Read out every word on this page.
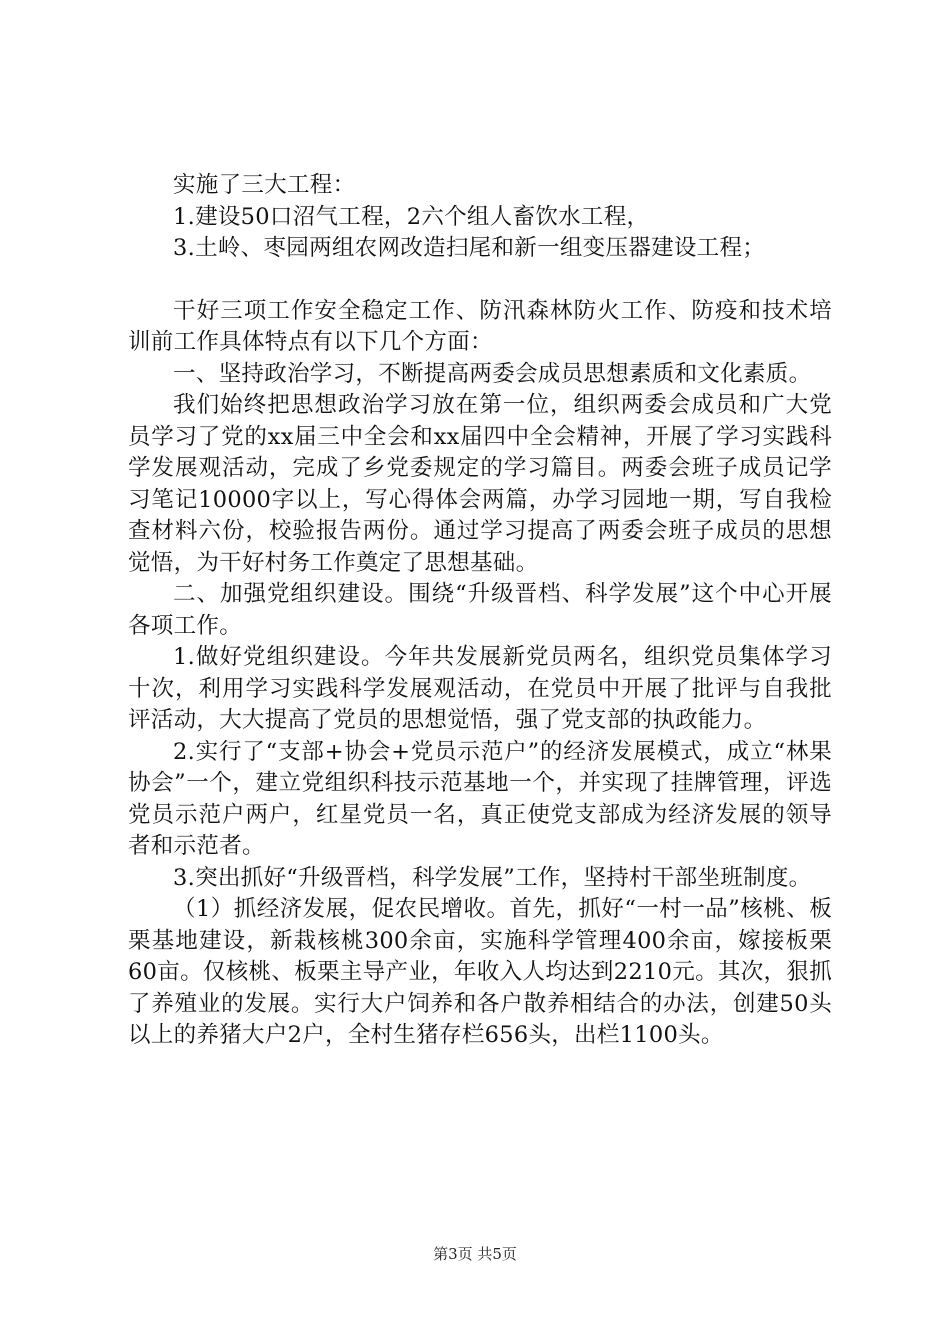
实施了三大工程：

1.建设50口沼气工程，2六个组人畜饮水工程，

3.土岭、枣园两组农网改造扫尾和新一组变压器建设工程；

干好三项工作安全稳定工作、防汛森林防火工作、防疫和技术培训前工作具体特点有以下几个方面：

一、坚持政治学习，不断提高两委会成员思想素质和文化素质。

我们始终把思想政治学习放在第一位，组织两委会成员和广大党员学习了党的xx届三中全会和xx届四中全会精神，开展了学习实践科学发展观活动，完成了乡党委规定的学习篇目。两委会班子成员记学习笔记10000字以上，写心得体会两篇，办学习园地一期，写自我检查材料六份，校验报告两份。通过学习提高了两委会班子成员的思想觉悟，为干好村务工作奠定了思想基础。

二、加强党组织建设。围绕“升级晋档、科学发展”这个中心开展各项工作。

1.做好党组织建设。今年共发展新党员两名，组织党员集体学习十次，利用学习实践科学发展观活动，在党员中开展了批评与自我批评活动，大大提高了党员的思想觉悟，强了党支部的执政能力。

2.实行了“支部+协会+党员示范户”的经济发展模式，成立“林果协会”一个，建立党组织科技示范基地一个，并实现了挂牌管理，评选党员示范户两户，红星党员一名，真正使党支部成为经济发展的领导者和示范者。

3.突出抓好“升级晋档，科学发展”工作，坚持村干部坐班制度。

（1）抓经济发展，促农民增收。首先，抓好“一村一品”核桃、板栗基地建设，新栽核桃300余亩，实施科学管理400余亩，嫁接板栗60亩。仅核桃、板栗主导产业，年收入人均达到2210元。其次，狠抓了养殖业的发展。实行大户饲养和各户散养相结合的办法，创建50头以上的养猪大户2户，全村生猪存栏656头，出栏1100头。

第3页 共5页
